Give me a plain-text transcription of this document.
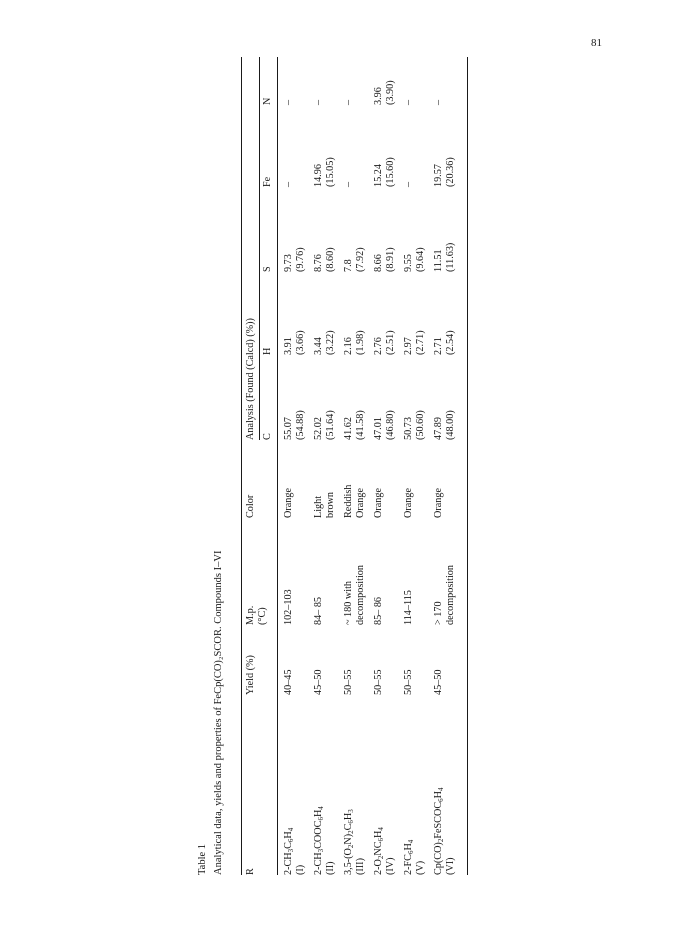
81
Table 1 Analytical data, yields and properties of FeCp(CO)₂SCOR. Compounds I–VI R
Yield (%)
M.p. (°C)
Color
Analysis (Found (Calcd) (%)) C
H
S
Fe
N
$2-CH_3C_6H_4$
(I)
40–45
102–103
Orange
55.07 (54.88)
3.91 (3.66)
9.73 (9.76)
–
–
$2-CH_3COOC_6H_4$
(II)
45–50
84– 85
Light brown
52.02 (51.64)
3.44 (3.22)
8.76 (8.60)
14.96 (15.05)
–
$3,5-(O_2N)_2C_6H_3$
(III)
50–55
~ 180 with decomposition
Reddish Orange
41.62 (41.58)
2.16 (1.98)
7.8 (7.92)
–
–
$2-O_2NC_6H_4$
(IV)
50–55
85– 86
Orange
47.01 (46.80)
2.76 (2.51)
8.66 (8.91)
15.24 (15.60)
3.96 (3.90)
$2-FC_6H_4$
(V)
50–55
114–115
Orange
50.73 (50.60)
2.97 (2.71)
9.55 (9.64)
–
–
$Cp(CO)_2FeSCOC_6H_4$
(VI)
45–50
> 170 decomposition
Orange
47.89 (48.00)
2.71 (2.54)
11.51 (11.63)
19.57 (20.36)
–
